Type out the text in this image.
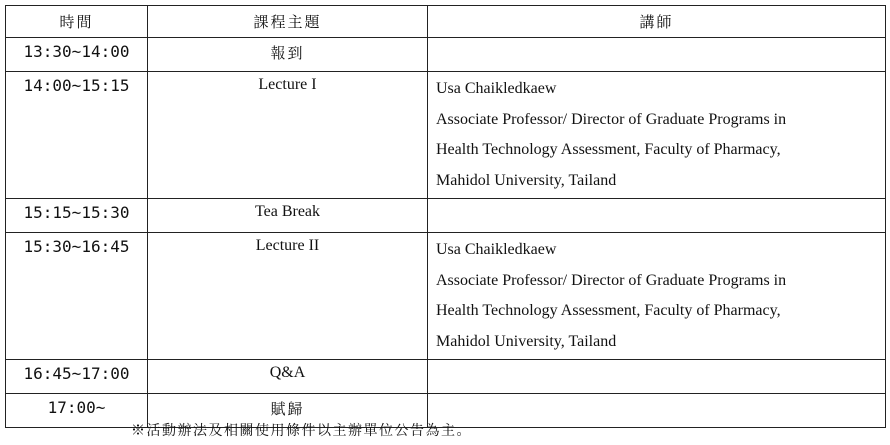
時間	課程主題	講師
13:30~14:00	報到	
14:00~15:15	Lecture I	Usa Chaikledkaew
Associate Professor/ Director of Graduate Programs in
Health Technology Assessment, Faculty of Pharmacy,
Mahidol University, Tailand

15:15~15:30	Tea Break	
15:30~16:45	Lecture II	Usa Chaikledkaew
Associate Professor/ Director of Graduate Programs in
Health Technology Assessment, Faculty of Pharmacy,
Mahidol University, Tailand

16:45~17:00	Q&A	
17:00~	賦歸	
※活動辦法及相關使用條件以主辦單位公告為主。
